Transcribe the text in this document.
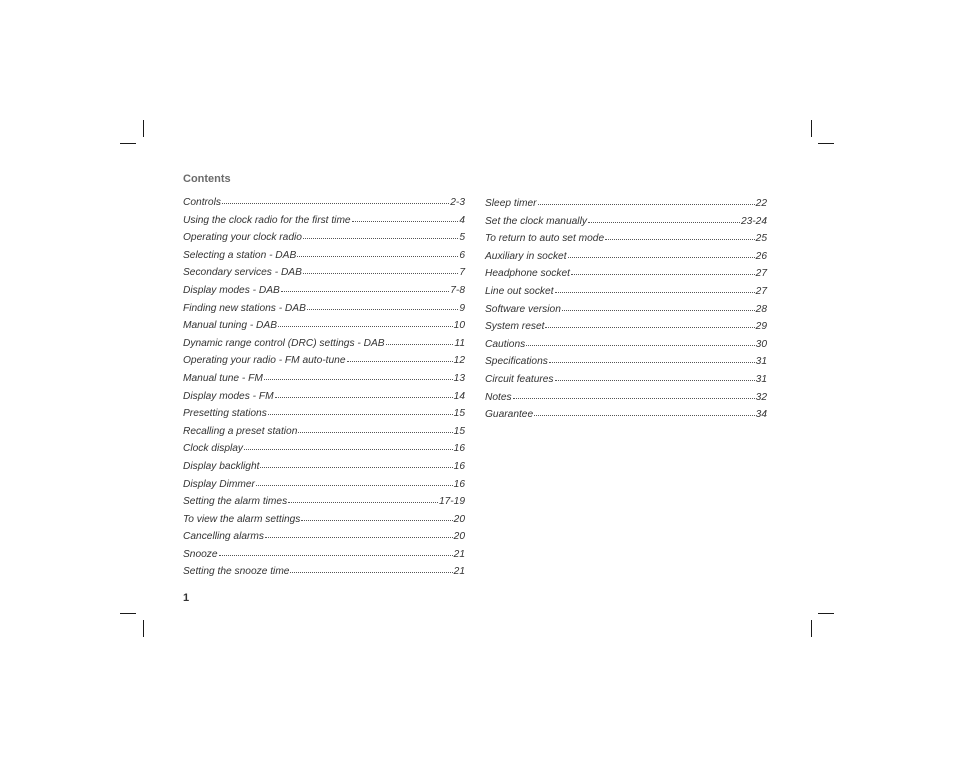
Contents
Controls	2-3
Using the clock radio for the first time	4
Operating your clock radio	5
Selecting a station - DAB	6
Secondary services - DAB	7
Display modes - DAB	7-8
Finding new stations - DAB	9
Manual tuning - DAB	10
Dynamic range control (DRC) settings - DAB	11
Operating your radio - FM auto-tune	12
Manual tune - FM	13
Display modes - FM	14
Presetting stations	15
Recalling a preset station	15
Clock display	16
Display backlight	16
Display Dimmer	16
Setting the alarm times	17-19
To view the alarm settings	20
Cancelling alarms	20
Snooze	21
Setting the snooze time	21
Sleep timer	22
Set the clock manually	23-24
To return to auto set mode	25
Auxiliary in socket	26
Headphone socket	27
Line out socket	27
Software version	28
System reset	29
Cautions	30
Specifications	31
Circuit features	31
Notes	32
Guarantee	34
1
